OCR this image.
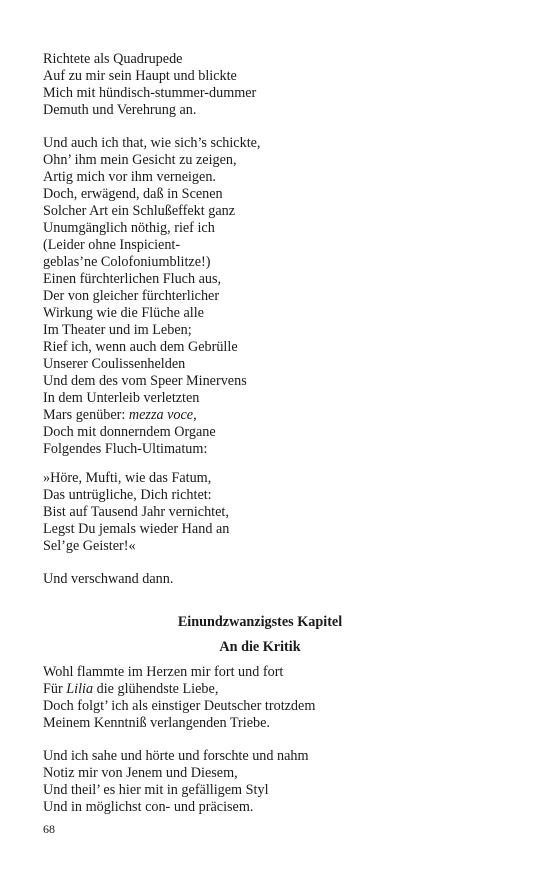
Richtete als Quadrupede
Auf zu mir sein Haupt und blickte
Mich mit hündisch-stummer-dummer
Demuth und Verehrung an.
Und auch ich that, wie sich’s schickte,
Ohn’ ihm mein Gesicht zu zeigen,
Artig mich vor ihm verneigen.
Doch, erwägend, daß in Scenen
Solcher Art ein Schlußeffekt ganz
Unumgänglich nöthig, rief ich
(Leider ohne Inspicient-
geblas’ne Colofoniumblitze!)
Einen fürchterlichen Fluch aus,
Der von gleicher fürchterlicher
Wirkung wie die Flüche alle
Im Theater und im Leben;
Rief ich, wenn auch dem Gebrülle
Unserer Coulissenhelden
Und dem des vom Speer Minervens
In dem Unterleib verletzten
Mars genüber: mezza voce,
Doch mit donnerndem Organe
Folgendes Fluch-Ultimatum:
»Höre, Mufti, wie das Fatum,
Das untrügliche, Dich richtet:
Bist auf Tausend Jahr vernichtet,
Legst Du jemals wieder Hand an
Sel’ge Geister!«
Und verschwand dann.
Einundzwanzigstes Kapitel
An die Kritik
Wohl flammte im Herzen mir fort und fort
Für Lilia die glühendste Liebe,
Doch folgt’ ich als einstiger Deutscher trotzdem
Meinem Kenntniß verlangenden Triebe.
Und ich sahe und hörte und forschte und nahm
Notiz mir von Jenem und Diesem,
Und theil’ es hier mit in gefälligem Styl
Und in möglichst con- und präcisem.
68
